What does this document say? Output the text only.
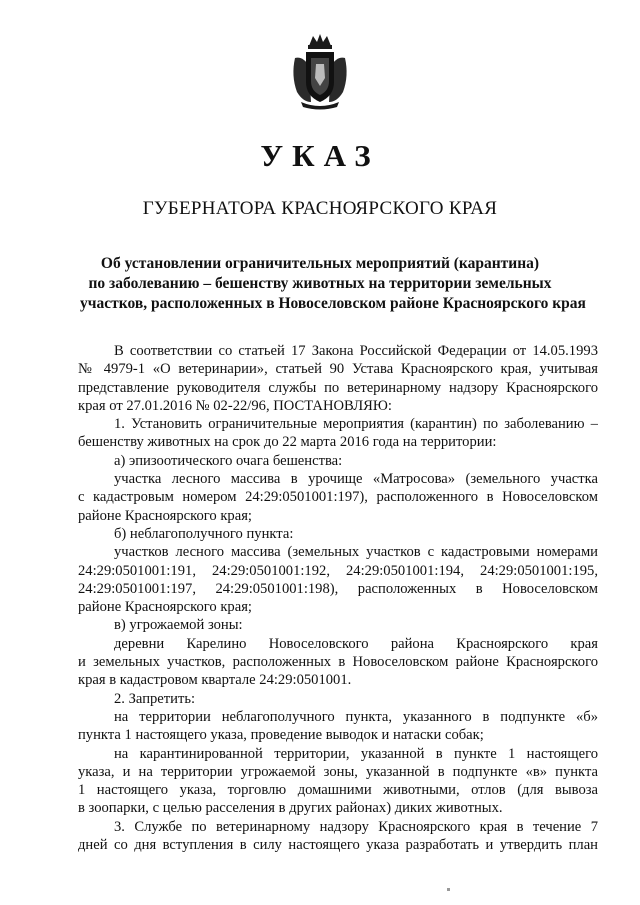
УКАЗ
ГУБЕРНАТОРА КРАСНОЯРСКОГО КРАЯ
Об установлении ограничительных мероприятий (карантина)
по заболеванию – бешенству животных на территории земельных
участков, расположенных в Новоселовском районе Красноярского края
В соответствии со статьей 17 Закона Российской Федерации от 14.05.1993
№ 4979-1 «О ветеринарии», статьей 90 Устава Красноярского края, учитывая
представление руководителя службы по ветеринарному надзору Красноярского
края от 27.01.2016 № 02-22/96, ПОСТАНОВЛЯЮ:
1. Установить ограничительные мероприятия (карантин) по заболеванию –
бешенству животных на срок до 22 марта 2016 года на территории:
а) эпизоотического очага бешенства:
участка лесного массива в урочище «Матросова» (земельного участка
с кадастровым номером 24:29:0501001:197), расположенного в Новоселовском
районе Красноярского края;
б) неблагополучного пункта:
участков лесного массива (земельных участков с кадастровыми номерами
24:29:0501001:191, 24:29:0501001:192, 24:29:0501001:194, 24:29:0501001:195,
24:29:0501001:197, 24:29:0501001:198), расположенных в Новоселовском
районе Красноярского края;
в) угрожаемой зоны:
деревни Карелино Новоселовского района Красноярского края
и земельных участков, расположенных в Новоселовском районе Красноярского
края в кадастровом квартале 24:29:0501001.
2. Запретить:
на территории неблагополучного пункта, указанного в подпункте «б»
пункта 1 настоящего указа, проведение выводок и натаски собак;
на карантинированной территории, указанной в пункте 1 настоящего
указа, и на территории угрожаемой зоны, указанной в подпункте «в» пункта
1 настоящего указа, торговлю домашними животными, отлов (для вывоза
в зоопарки, с целью расселения в других районах) диких животных.
3. Службе по ветеринарному надзору Красноярского края в течение 7
дней со дня вступления в силу настоящего указа разработать и утвердить план
